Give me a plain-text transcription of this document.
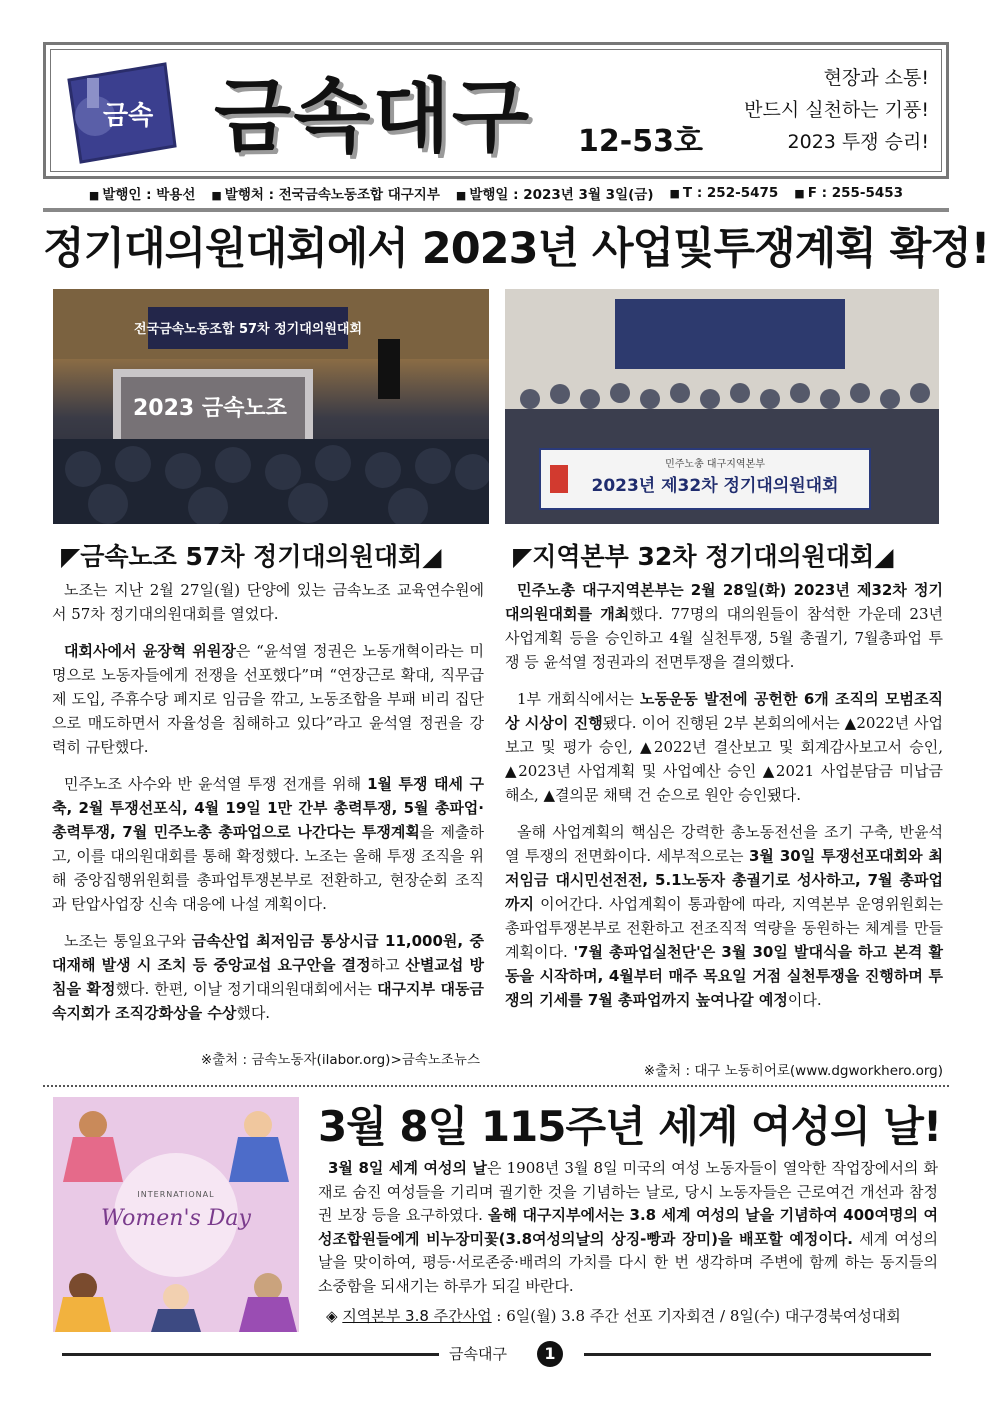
금속 금속대구 12-53호
현장과 소통!
반드시 실천하는 기풍!
2023 투쟁 승리!
■ 발행인 : 박용선	■ 발행처 : 전국금속노동조합 대구지부	■ 발행일 : 2023년 3월 3일(금)	■ T : 252-5475	■ F : 255-5453
정기대의원대회에서 2023년 사업및투쟁계획 확정!
전국금속노동조합 57차 정기대의원대회
2023 금속노조
민주노총 대구지역본부
2023년 제32차 정기대의원대회
◤금속노조 57차 정기대의원대회◢

노조는 지난 2월 27일(월) 단양에 있는 금속노조 교육연수원에서 57차 정기대의원대회를 열었다.

대회사에서 윤장혁 위원장은 “윤석열 정권은 노동개혁이라는 미명으로 노동자들에게 전쟁을 선포했다”며 “연장근로 확대, 직무급제 도입, 주휴수당 폐지로 임금을 깎고, 노동조합을 부패 비리 집단으로 매도하면서 자율성을 침해하고 있다”라고 윤석열 정권을 강력히 규탄했다.

민주노조 사수와 반 윤석열 투쟁 전개를 위해 1월 투쟁 태세 구축, 2월 투쟁선포식, 4월 19일 1만 간부 총력투쟁, 5월 총파업·총력투쟁, 7월 민주노총 총파업으로 나간다는 투쟁계획을 제출하고, 이를 대의원대회를 통해 확정했다. 노조는 올해 투쟁 조직을 위해 중앙집행위원회를 총파업투쟁본부로 전환하고, 현장순회 조직과 탄압사업장 신속 대응에 나설 계획이다.

노조는 통일요구와 금속산업 최저임금 통상시급 11,000원, 중대재해 발생 시 조치 등 중앙교섭 요구안을 결정하고 산별교섭 방침을 확정했다. 한편, 이날 정기대의원대회에서는 대구지부 대동금속지회가 조직강화상을 수상했다.

※출처 : 금속노동자(ilabor.org)>금속노조뉴스
◤지역본부 32차 정기대의원대회◢

민주노총 대구지역본부는 2월 28일(화) 2023년 제32차 정기대의원대회를 개최했다. 77명의 대의원들이 참석한 가운데 23년 사업계획 등을 승인하고 4월 실천투쟁, 5월 총궐기, 7월총파업 투쟁 등 윤석열 정권과의 전면투쟁을 결의했다.

1부 개회식에서는 노동운동 발전에 공헌한 6개 조직의 모범조직상 시상이 진행됐다. 이어 진행된 2부 본회의에서는 ▲2022년 사업보고 및 평가 승인, ▲2022년 결산보고 및 회계감사보고서 승인, ▲2023년 사업계획 및 사업예산 승인 ▲2021 사업분담금 미납금 해소, ▲결의문 채택 건 순으로 원안 승인됐다.

올해 사업계획의 핵심은 강력한 총노동전선을 조기 구축, 반윤석열 투쟁의 전면화이다. 세부적으로는 3월 30일 투쟁선포대회와 최저임금 대시민선전전, 5.1노동자 총궐기로 성사하고, 7월 총파업까지 이어간다. 사업계획이 통과함에 따라, 지역본부 운영위원회는 총파업투쟁본부로 전환하고 전조직적 역량을 동원하는 체계를 만들 계획이다. '7월 총파업실천단'은 3월 30일 발대식을 하고 본격 활동을 시작하며, 4월부터 매주 목요일 거점 실천투쟁을 진행하며 투쟁의 기세를 7월 총파업까지 높여나갈 예정이다.

※출처 : 대구 노동히어로(www.dgworkhero.org)
INTERNATIONAL
Women's Day
3월 8일 115주년 세계 여성의 날!
3월 8일 세계 여성의 날은 1908년 3월 8일 미국의 여성 노동자들이 열악한 작업장에서의 화재로 숨진 여성들을 기리며 궐기한 것을 기념하는 날로, 당시 노동자들은 근로여건 개선과 참정권 보장 등을 요구하였다. 올해 대구지부에서는 3.8 세계 여성의 날을 기념하여 400여명의 여성조합원들에게 비누장미꽃(3.8여성의날의 상징-빵과 장미)을 배포할 예정이다. 세계 여성의 날을 맞이하여, 평등·서로존중·배려의 가치를 다시 한 번 생각하며 주변에 함께 하는 동지들의 소중함을 되새기는 하루가 되길 바란다.
◈ 지역본부 3.8 주간사업 : 6일(월) 3.8 주간 선포 기자회견 / 8일(수) 대구경북여성대회
금속대구	1
